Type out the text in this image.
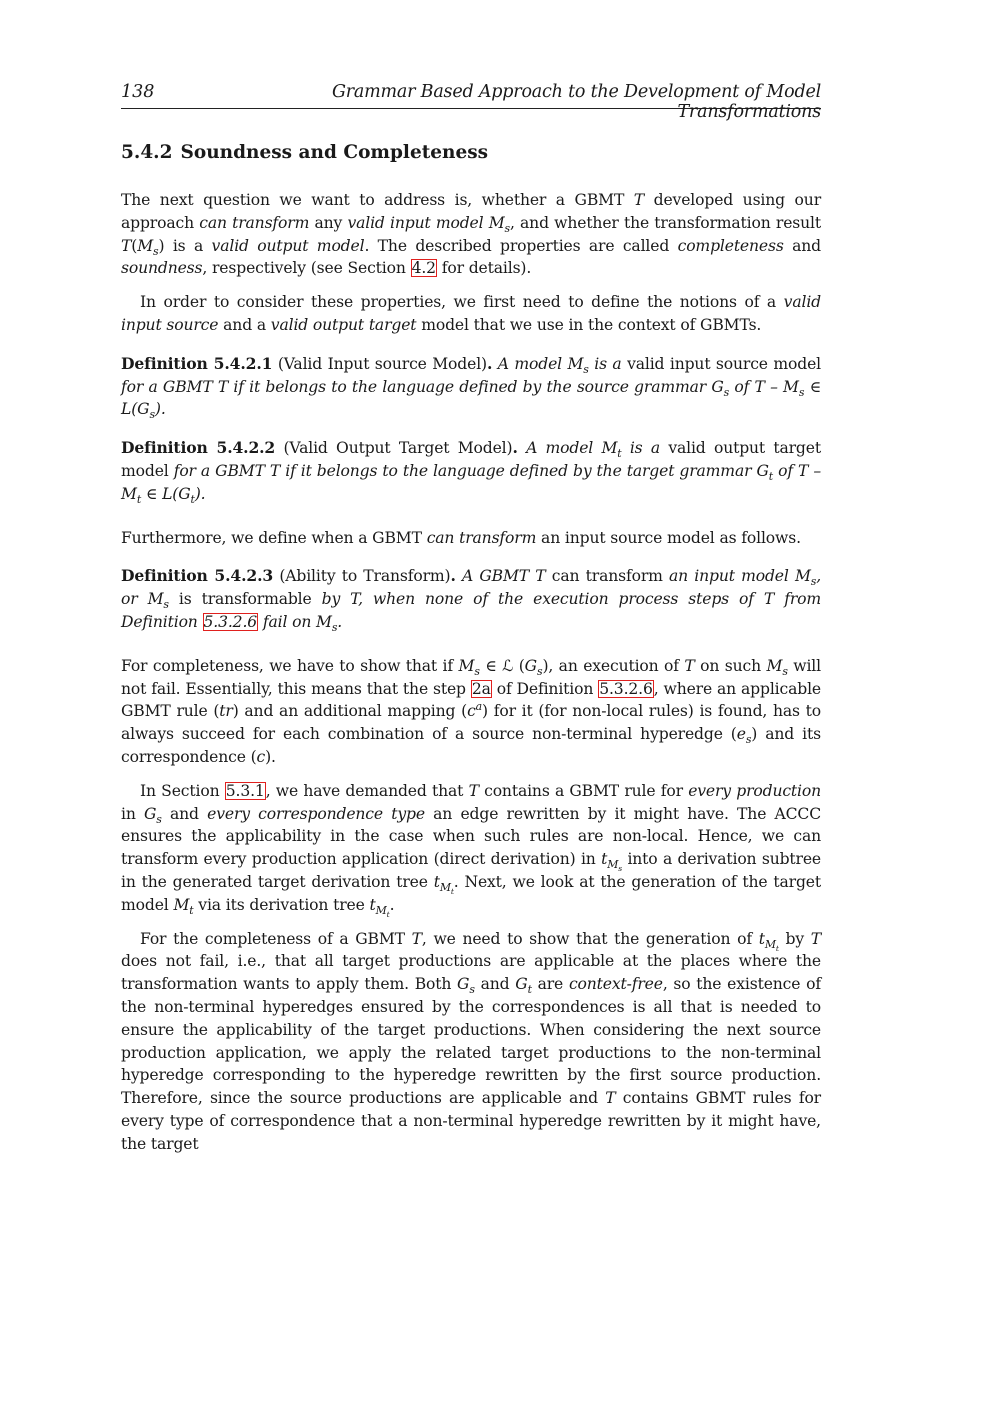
138	Grammar Based Approach to the Development of Model Transformations
5.4.2 Soundness and Completeness

The next question we want to address is, whether a GBMT T developed using our approach can transform any valid input model $M_s$, and whether the transformation result $T(M_s)$ is a valid output model. The described properties are called completeness and soundness, respectively (see Section 4.2 for details).

In order to consider these properties, we first need to define the notions of a valid input source and a valid output target model that we use in the context of GBMTs.

Definition 5.4.2.1 (Valid Input source Model). A model $M_s$ is a valid input source model for a GBMT T if it belongs to the language defined by the source grammar $G_s$ of T – $M_s$ ∈ $L(G_s)$.

Definition 5.4.2.2 (Valid Output Target Model). A model $M_t$ is a valid output target model for a GBMT T if it belongs to the language defined by the target grammar $G_t$ of T – $M_t$ ∈ $L(G_t)$.

Furthermore, we define when a GBMT can transform an input source model as follows.

Definition 5.4.2.3 (Ability to Transform). A GBMT T can transform an input model $M_s$, or $M_s$ is transformable by T, when none of the execution process steps of T from Definition 5.3.2.6 fail on $M_s$.

For completeness, we have to show that if $M_s$ ∈ ℒ $(G_s)$, an execution of T on such $M_s$ will not fail. Essentially, this means that the step 2a of Definition 5.3.2.6, where an applicable GBMT rule (tr) and an additional mapping $(c^a)$ for it (for non-local rules) is found, has to always succeed for each combination of a source non-terminal hyperedge $(e_s)$ and its correspondence (c).

In Section 5.3.1, we have demanded that T contains a GBMT rule for every production in $G_s$ and every correspondence type an edge rewritten by it might have. The ACCC ensures the applicability in the case when such rules are non-local. Hence, we can transform every production application (direct derivation) in $t_{M_s}$ into a derivation subtree in the generated target derivation tree $t_{M_t}$. Next, we look at the generation of the target model $M_t$ via its derivation tree $t_{M_t}$.

For the completeness of a GBMT T, we need to show that the generation of $t_{M_t}$ by T does not fail, i.e., that all target productions are applicable at the places where the transformation wants to apply them. Both $G_s$ and $G_t$ are context-free, so the existence of the non-terminal hyperedges ensured by the correspondences is all that is needed to ensure the applicability of the target productions. When considering the next source production application, we apply the related target productions to the non-terminal hyperedge corresponding to the hyperedge rewritten by the first source production. Therefore, since the source productions are applicable and T contains GBMT rules for every type of correspondence that a non-terminal hyperedge rewritten by it might have, the target
